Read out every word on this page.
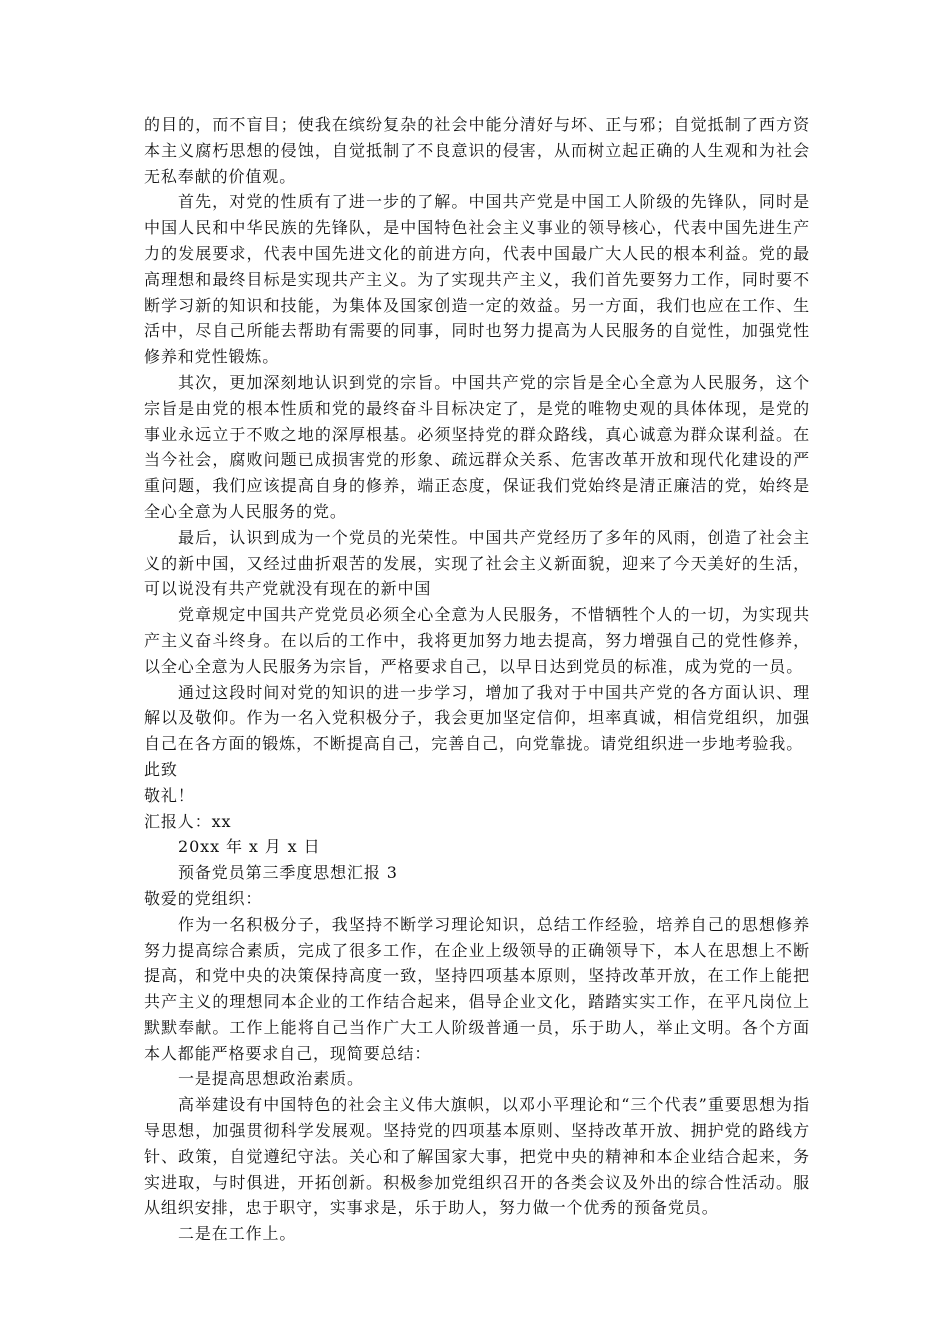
的目的，而不盲目；使我在缤纷复杂的社会中能分清好与坏、正与邪；自觉抵制了西方资本主义腐朽思想的侵蚀，自觉抵制了不良意识的侵害，从而树立起正确的人生观和为社会无私奉献的价值观。

首先，对党的性质有了进一步的了解。中国共产党是中国工人阶级的先锋队，同时是中国人民和中华民族的先锋队，是中国特色社会主义事业的领导核心，代表中国先进生产力的发展要求，代表中国先进文化的前进方向，代表中国最广大人民的根本利益。党的最高理想和最终目标是实现共产主义。为了实现共产主义，我们首先要努力工作，同时要不断学习新的知识和技能，为集体及国家创造一定的效益。另一方面，我们也应在工作、生活中，尽自己所能去帮助有需要的同事，同时也努力提高为人民服务的自觉性，加强党性修养和党性锻炼。

其次，更加深刻地认识到党的宗旨。中国共产党的宗旨是全心全意为人民服务，这个宗旨是由党的根本性质和党的最终奋斗目标决定了，是党的唯物史观的具体体现，是党的事业永远立于不败之地的深厚根基。必须坚持党的群众路线，真心诚意为群众谋利益。在当今社会，腐败问题已成损害党的形象、疏远群众关系、危害改革开放和现代化建设的严重问题，我们应该提高自身的修养，端正态度，保证我们党始终是清正廉洁的党，始终是全心全意为人民服务的党。

最后，认识到成为一个党员的光荣性。中国共产党经历了多年的风雨，创造了社会主义的新中国，又经过曲折艰苦的发展，实现了社会主义新面貌，迎来了今天美好的生活，可以说没有共产党就没有现在的新中国

党章规定中国共产党党员必须全心全意为人民服务，不惜牺牲个人的一切，为实现共产主义奋斗终身。在以后的工作中，我将更加努力地去提高，努力增强自己的党性修养，以全心全意为人民服务为宗旨，严格要求自己，以早日达到党员的标准，成为党的一员。

通过这段时间对党的知识的进一步学习，增加了我对于中国共产党的各方面认识、理解以及敬仰。作为一名入党积极分子，我会更加坚定信仰，坦率真诚，相信党组织，加强自己在各方面的锻炼，不断提高自己，完善自己，向党靠拢。请党组织进一步地考验我。

此致

敬礼！

汇报人：xx

20xx 年 x 月 x 日

预备党员第三季度思想汇报 3

敬爱的党组织：

作为一名积极分子，我坚持不断学习理论知识，总结工作经验，培养自己的思想修养努力提高综合素质，完成了很多工作，在企业上级领导的正确领导下，本人在思想上不断提高，和党中央的决策保持高度一致，坚持四项基本原则，坚持改革开放，在工作上能把共产主义的理想同本企业的工作结合起来，倡导企业文化，踏踏实实工作，在平凡岗位上默默奉献。工作上能将自己当作广大工人阶级普通一员，乐于助人，举止文明。各个方面本人都能严格要求自己，现简要总结：

一是提高思想政治素质。

高举建设有中国特色的社会主义伟大旗帜，以邓小平理论和“三个代表”重要思想为指导思想，加强贯彻科学发展观。坚持党的四项基本原则、坚持改革开放、拥护党的路线方针、政策，自觉遵纪守法。关心和了解国家大事，把党中央的精神和本企业结合起来，务实进取，与时俱进，开拓创新。积极参加党组织召开的各类会议及外出的综合性活动。服从组织安排，忠于职守，实事求是，乐于助人，努力做一个优秀的预备党员。

二是在工作上。
